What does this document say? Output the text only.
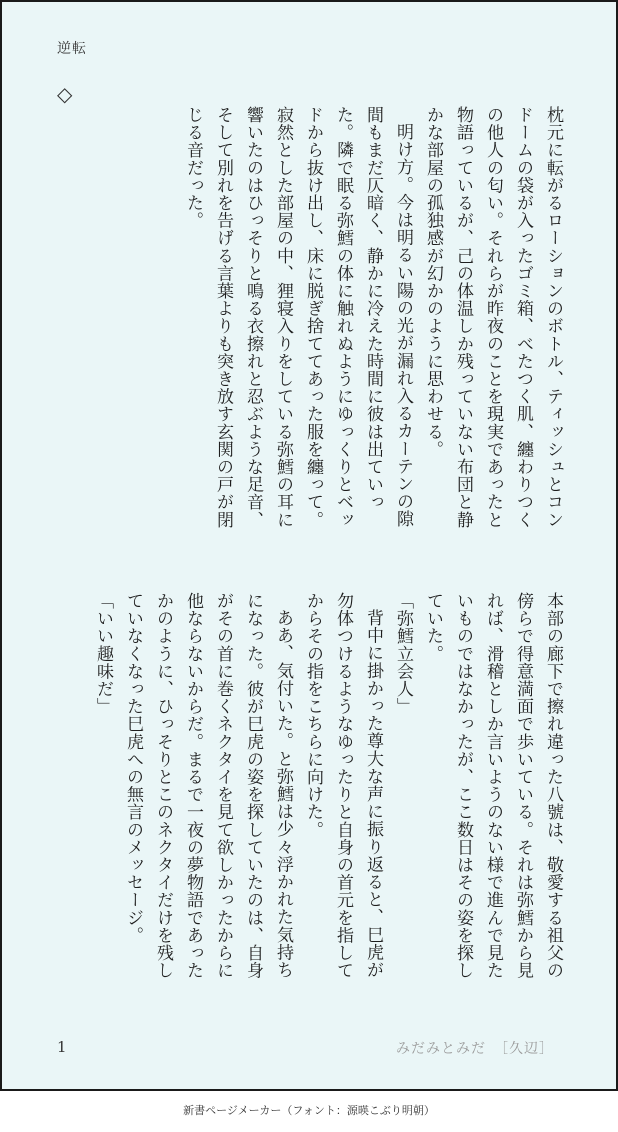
逆転
◇

枕元に転がるローションのボトル、ティッシュとコンドームの袋が入ったゴミ箱、べたつく肌、纏わりつくの他人の匂い。それらが昨夜のことを現実であったと物語っているが、己の体温しか残っていない布団と静かな部屋の孤独感が幻かのように思わせる。

明け方。今は明るい陽の光が漏れ入るカーテンの隙間もまだ仄暗く、静かに冷えた時間に彼は出ていった。隣で眠る弥鱈の体に触れぬようにゆっくりとベッドから抜け出し、床に脱ぎ捨ててあった服を纏って。寂然とした部屋の中、狸寝入りをしている弥鱈の耳に響いたのはひっそりと鳴る衣擦れと忍ぶような足音、そして別れを告げる言葉よりも突き放す玄関の戸が閉じる音だった。

本部の廊下で擦れ違った八號は、敬愛する祖父の傍らで得意満面で歩いている。それは弥鱈から見れば、滑稽としか言いようのない様で進んで見たいものではなかったが、ここ数日はその姿を探していた。

「弥鱈立会人」

背中に掛かった尊大な声に振り返ると、巳虎が勿体つけるようなゆったりと自身の首元を指してからその指をこちらに向けた。

ああ、気付いた。と弥鱈は少々浮かれた気持ちになった。彼が巳虎の姿を探していたのは、自身がその首に巻くネクタイを見て欲しかったからに他ならないからだ。まるで一夜の夢物語であったかのように、ひっそりとこのネクタイだけを残していなくなった巳虎への無言のメッセージ。

「いい趣味だ」

1	みだみとみだ　［久辺］
新書ページメーカー（フォント：源暎こぶり明朝）
